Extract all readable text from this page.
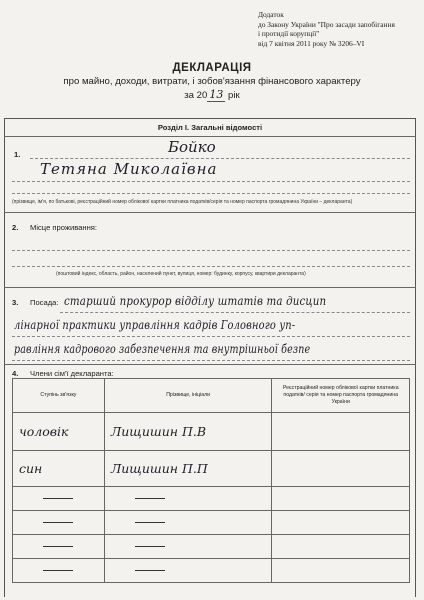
Додаток
до Закону України "Про засади запобігання
і протидії корупції"
від 7 квітня 2011 року № 3206–VI
ДЕКЛАРАЦІЯ
про майно, доходи, витрати, і зобов'язання фінансового характеру
за 20 13 рік
Розділ І. Загальні відомості
1.	Бойко
Тетяна Миколаївна
(прізвище, ім'я, по батькові, реєстраційний номер облікової картки платника податків/серія та номер паспорта громадянина України – декларанта)
2. Місце проживання:
(поштовий індекс, область, район, населений пункт, вулиця, номер: будинку, корпусу, квартири декларанта)
3. Посада: старший прокурор відділу штатів та дисцип
лінарної практики управління кадрів Головного уп-
равління кадрового забезпечення та внутрішньої безпе
4. Члени сім'ї декларанта:
Ступінь зв'язку	Прізвище, ініціали	Реєстраційний номер облікової картки платника податків/ серія та номер паспорта громадянина України
чоловік	Лищишин П.В	
син	Лищишин П.П	
